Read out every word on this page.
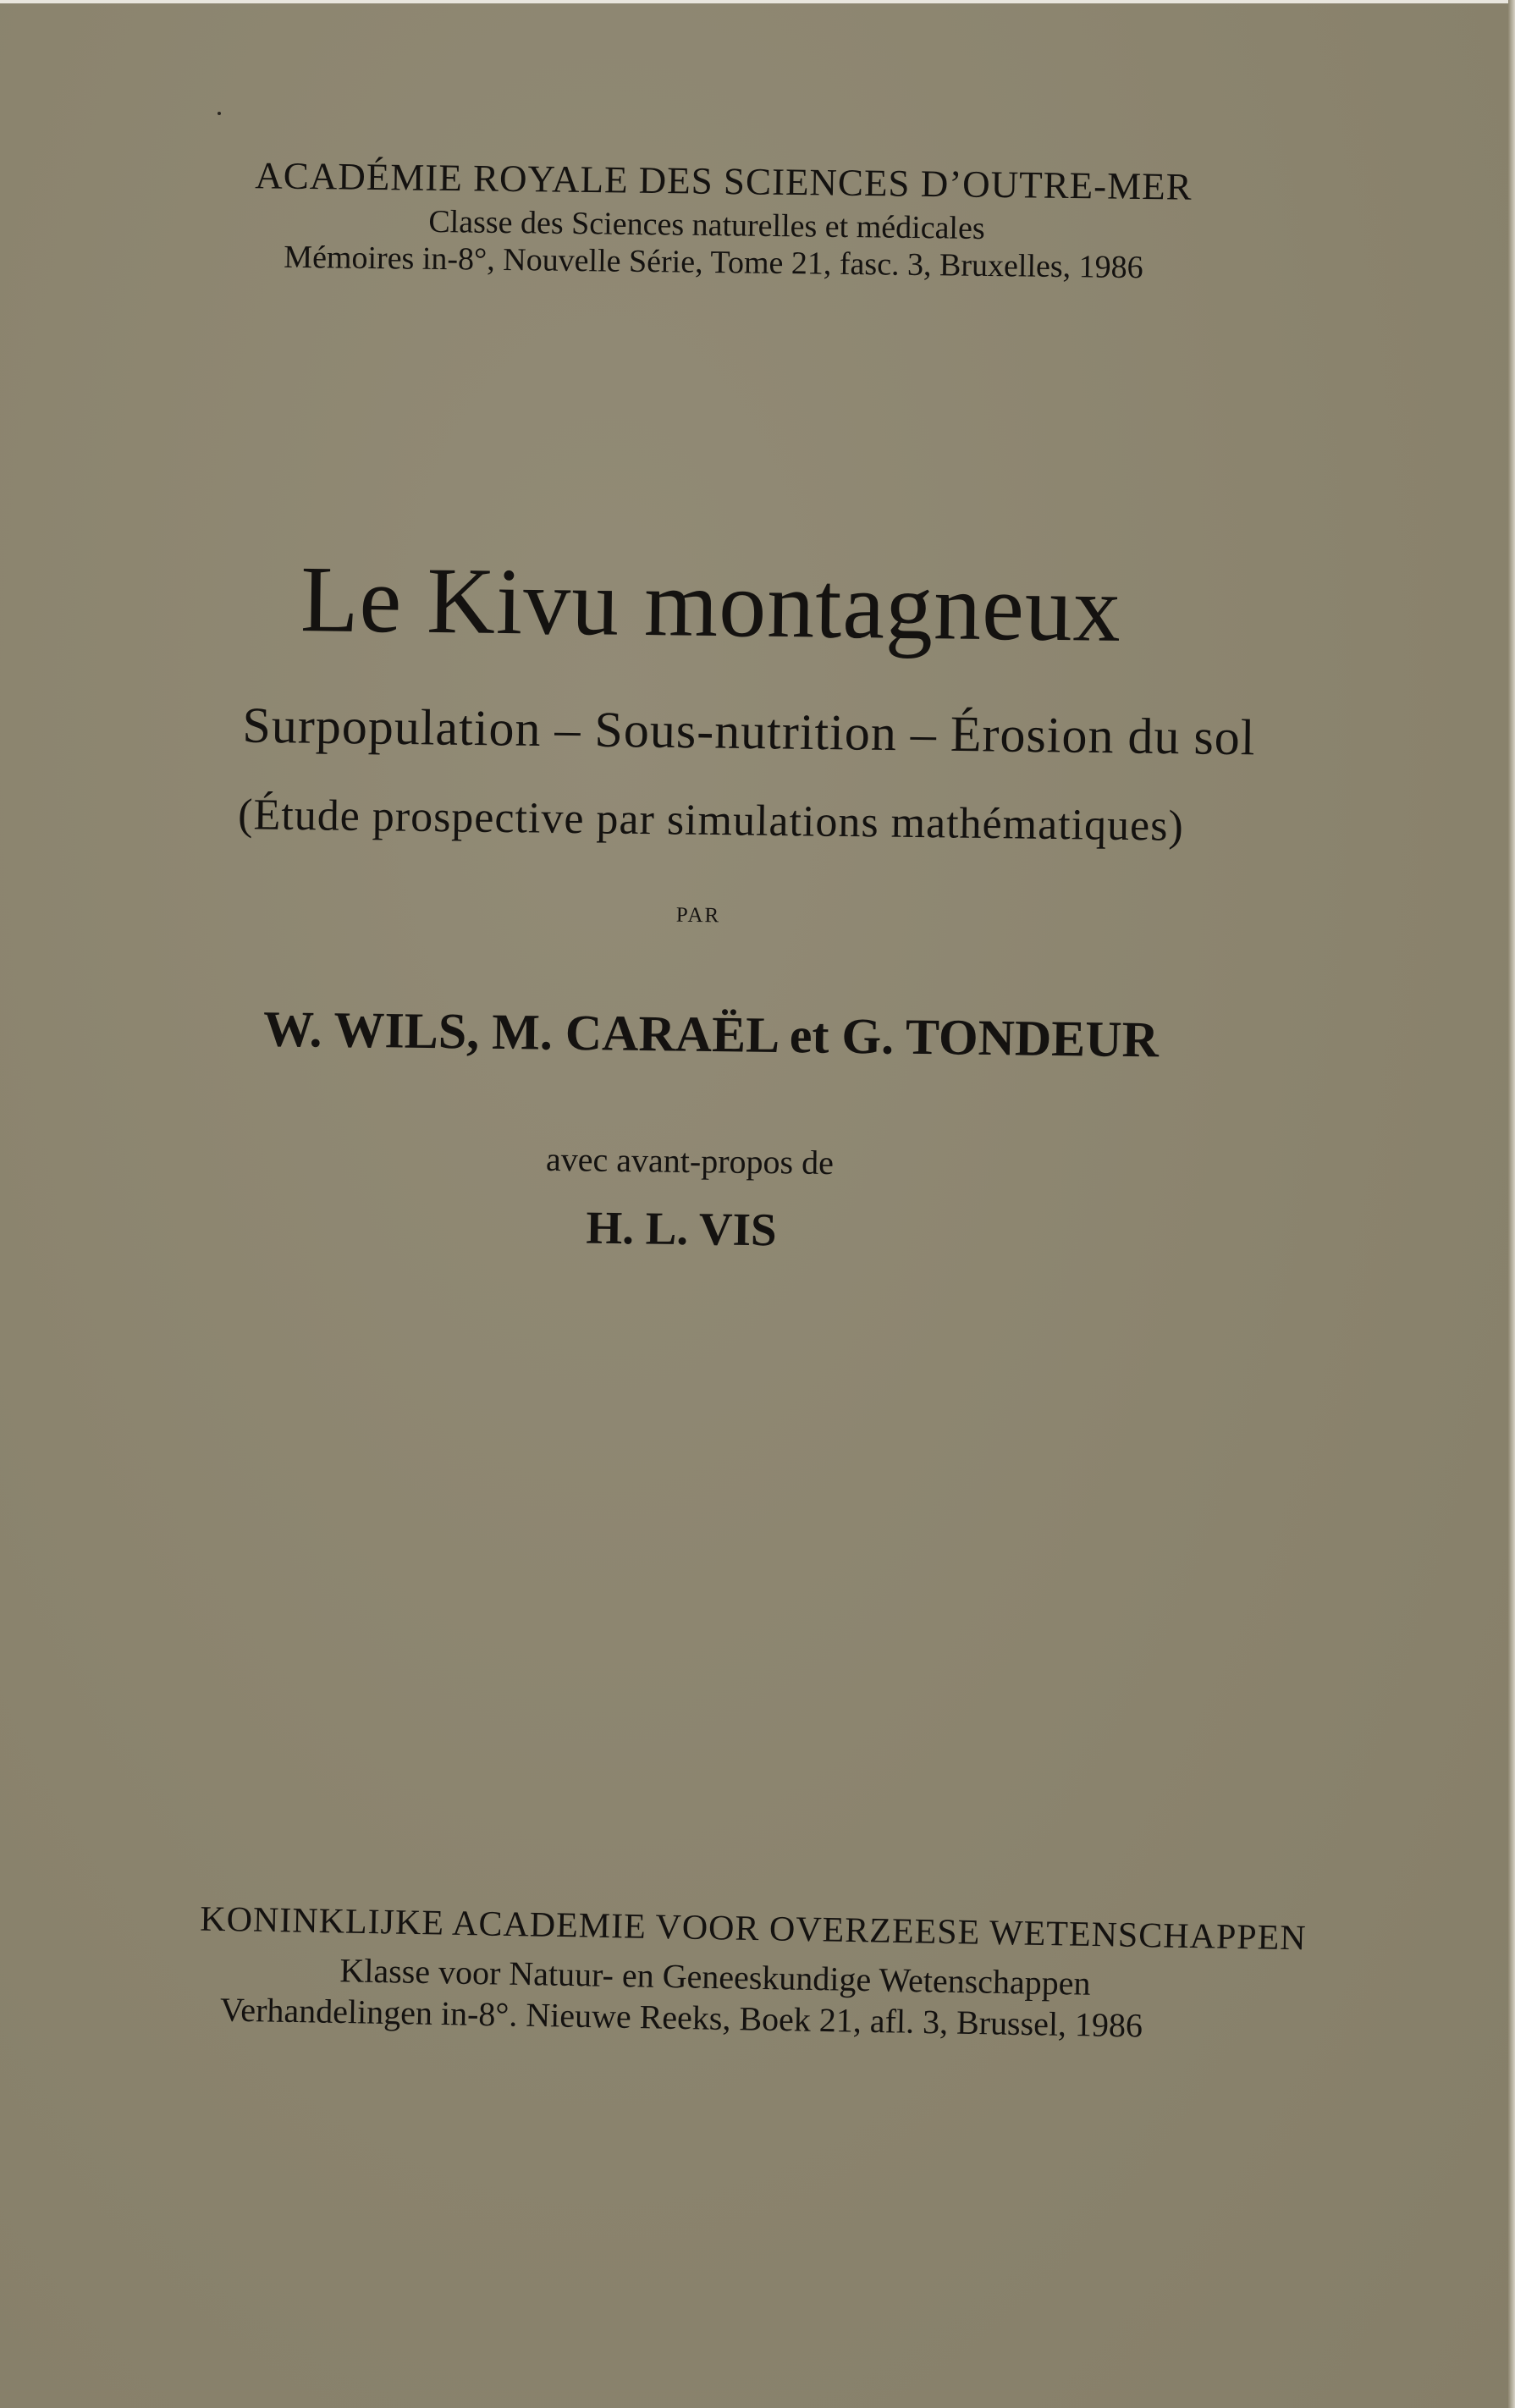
ACADÉMIE ROYALE DES SCIENCES D’OUTRE-MER
Classe des Sciences naturelles et médicales
Mémoires in-8°, Nouvelle Série, Tome 21, fasc. 3, Bruxelles, 1986
Le Kivu montagneux
Surpopulation – Sous-nutrition – Érosion du sol
(Étude prospective par simulations mathématiques)
PAR
W. WILS, M. CARAËL et G. TONDEUR
avec avant-propos de
H. L. VIS
KONINKLIJKE ACADEMIE VOOR OVERZEESE WETENSCHAPPEN
Klasse voor Natuur- en Geneeskundige Wetenschappen
Verhandelingen in-8°. Nieuwe Reeks, Boek 21, afl. 3, Brussel, 1986
